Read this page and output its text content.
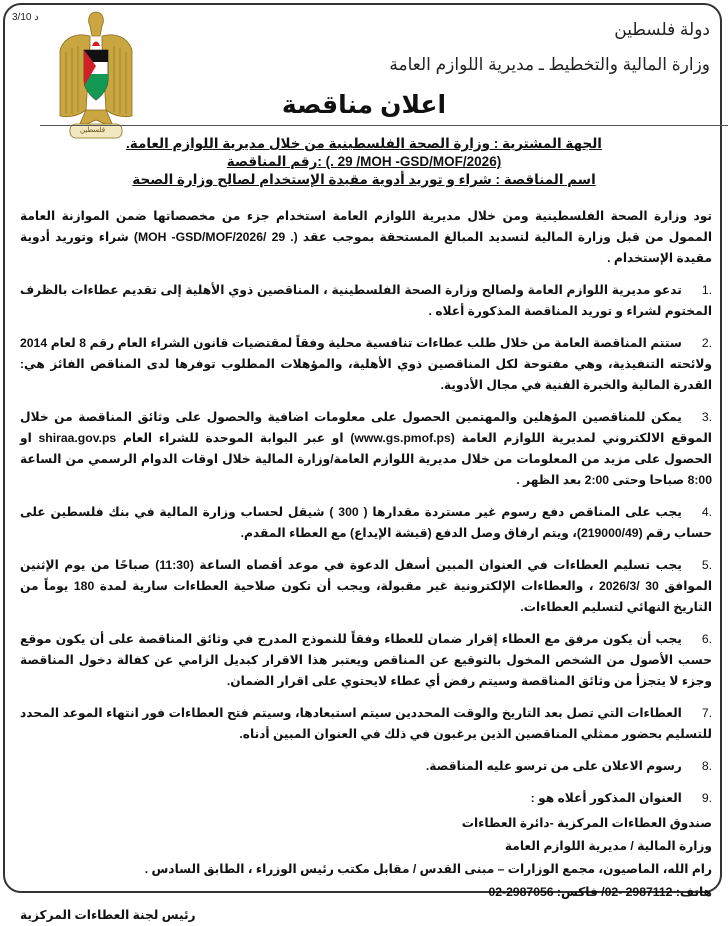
3/10 د
فلسطين
دولة فلسطين
وزارة المالية والتخطيط ـ مديرية اللوازم العامة
اعلان مناقصة
الجهة المشترية : وزارة الصحة الفلسطينية من خلال مديرية اللوازم العامة.
رقم المناقصة: (. 29 /MOH -GSD/MOF/2026)
اسم المناقصة : شراء و توريد أدوية مقيدة الإستخدام لصالح وزارة الصحة
تود وزارة الصحة الفلسطينية ومن خلال مديرية اللوازم العامة استخدام جزء من مخصصاتها ضمن الموازنة العامة الممول من قبل وزارة المالية لتسديد المبالغ المستحقة بموجب عقد (. 29 /MOH -GSD/MOF/2026) شراء وتوريد أدوية مقيدة الإستخدام .
1.تدعو مديرية اللوازم العامة ولصالح وزارة الصحة الفلسطينية ، المناقصين ذوي الأهلية إلى تقديم عطاءات بالظرف المختوم لشراء و توريد المناقصة المذكورة أعلاه .
2.ستتم المناقصة العامة من خلال طلب عطاءات تنافسية محلية وفقاً لمقتضيات قانون الشراء العام رقم 8 لعام 2014 ولائحته التنفيذية، وهي مفتوحة لكل المناقصين ذوي الأهلية، والمؤهلات المطلوب توفرها لدى المناقص الفائز هي: القدرة المالية والخبرة الفنية في مجال الأدوية.
3.يمكن للمناقصين المؤهلين والمهتمين الحصول على معلومات اضافية والحصول على وثائق المناقصة من خلال الموقع الالكتروني لمديرية اللوازم العامة (www.gs.pmof.ps) او عبر البوابة الموحدة للشراء العام shiraa.gov.ps او الحصول على مزيد من المعلومات من خلال مديرية اللوازم العامة/وزارة المالية خلال اوقات الدوام الرسمي من الساعة 8:00 صباحا وحتى 2:00 بعد الظهر .
4.يجب على المناقص دفع رسوم غير مستردة مقدارها ( 300 ) شيقل لحساب وزارة المالية في بنك فلسطين على حساب رقم (219000/49)، ويتم ارفاق وصل الدفع (قيشة الإيداع) مع العطاء المقدم.
5.يجب تسليم العطاءات في العنوان المبين أسفل الدعوة في موعد أقصاه الساعة (11:30) صباحًا من يوم الإثنين الموافق 30 /2026/3 ، والعطاءات الإلكترونية غير مقبولة، ويجب أن تكون صلاحية العطاءات سارية لمدة 180 يوماً من التاريخ النهائي لتسليم العطاءات.
6.يجب أن يكون مرفق مع العطاء إقرار ضمان للعطاء وفقاً للنموذج المدرج في وثائق المناقصة على أن يكون موقع حسب الأصول من الشخص المخول بالتوقيع عن المناقص ويعتبر هذا الاقرار كبديل الزامي عن كفالة دخول المناقصة وجزء لا يتجزأ من وثائق المناقصة وسيتم رفض أي عطاء لايحتوي على اقرار الضمان.
7.العطاءات التي تصل بعد التاريخ والوقت المحددين سيتم استبعادها، وسيتم فتح العطاءات فور انتهاء الموعد المحدد للتسليم بحضور ممثلي المناقصين الذين يرغبون في ذلك في العنوان المبين أدناه.
8.رسوم الاعلان على من ترسو عليه المناقصة.
9.العنوان المذكور أعلاه هو :
صندوق العطاءات المركزية -دائرة العطاءات
وزارة المالية / مديرية اللوازم العامة
رام الله، الماصيون، مجمع الوزارات – مبنى القدس / مقابل مكتب رئيس الوزراء ، الطابق السادس .
هاتف: 2987112 -02/ فاكس: 2987056-02
رئيس لجنة العطاءات المركزية
